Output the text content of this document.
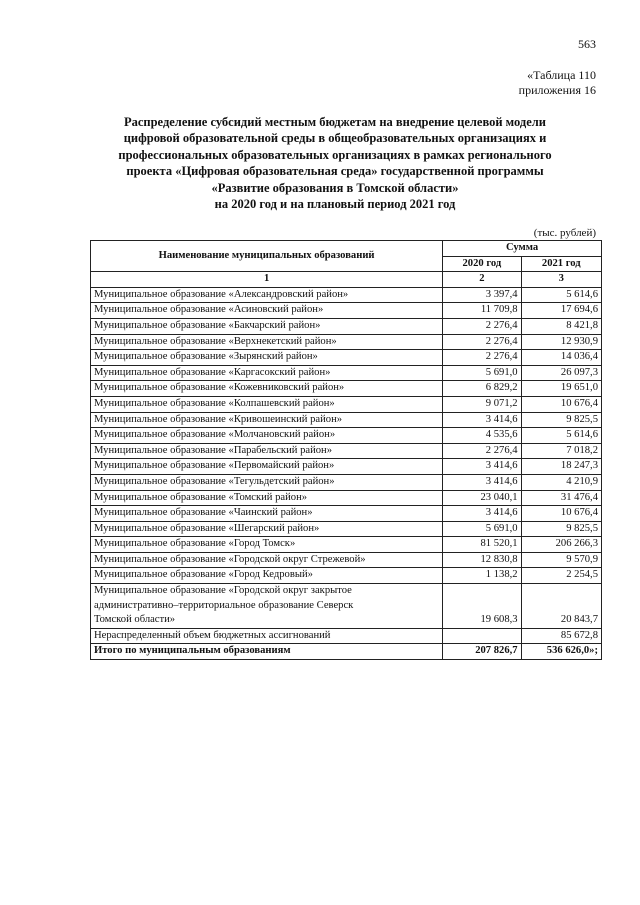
563
«Таблица 110
приложения 16
Распределение субсидий местным бюджетам на внедрение целевой модели
цифровой образовательной среды в общеобразовательных организациях и
профессиональных образовательных организациях в рамках регионального
проекта «Цифровая образовательная среда» государственной программы
«Развитие образования в Томской области»
на 2020 год и на плановый период 2021 год
(тыс. рублей)
Наименование муниципальных образований	Сумма	
	2020 год	2021 год
1	2	3
Муниципальное образование «Александровский район»	3 397,4	5 614,6
Муниципальное образование «Асиновский район»	11 709,8	17 694,6
Муниципальное образование «Бакчарский район»	2 276,4	8 421,8
Муниципальное образование «Верхнекетский район»	2 276,4	12 930,9
Муниципальное образование «Зырянский район»	2 276,4	14 036,4
Муниципальное образование «Каргасокский район»	5 691,0	26 097,3
Муниципальное образование «Кожевниковский район»	6 829,2	19 651,0
Муниципальное образование «Колпашевский район»	9 071,2	10 676,4
Муниципальное образование «Кривошеинский район»	3 414,6	9 825,5
Муниципальное образование «Молчановский район»	4 535,6	5 614,6
Муниципальное образование «Парабельский район»	2 276,4	7 018,2
Муниципальное образование «Первомайский район»	3 414,6	18 247,3
Муниципальное образование «Тегульдетский район»	3 414,6	4 210,9
Муниципальное образование «Томский район»	23 040,1	31 476,4
Муниципальное образование «Чаинский район»	3 414,6	10 676,4
Муниципальное образование «Шегарский район»	5 691,0	9 825,5
Муниципальное образование «Город Томск»	81 520,1	206 266,3
Муниципальное образование «Городской округ Стрежевой»	12 830,8	9 570,9
Муниципальное образование «Город Кедровый»	1 138,2	2 254,5
Муниципальное образование «Городской округ закрытое
административно–территориальное образование Северск
Томской области»	19 608,3	20 843,7
Нераспределенный объем бюджетных ассигнований		85 672,8
Итого по муниципальным образованиям	207 826,7	536 626,0»;
